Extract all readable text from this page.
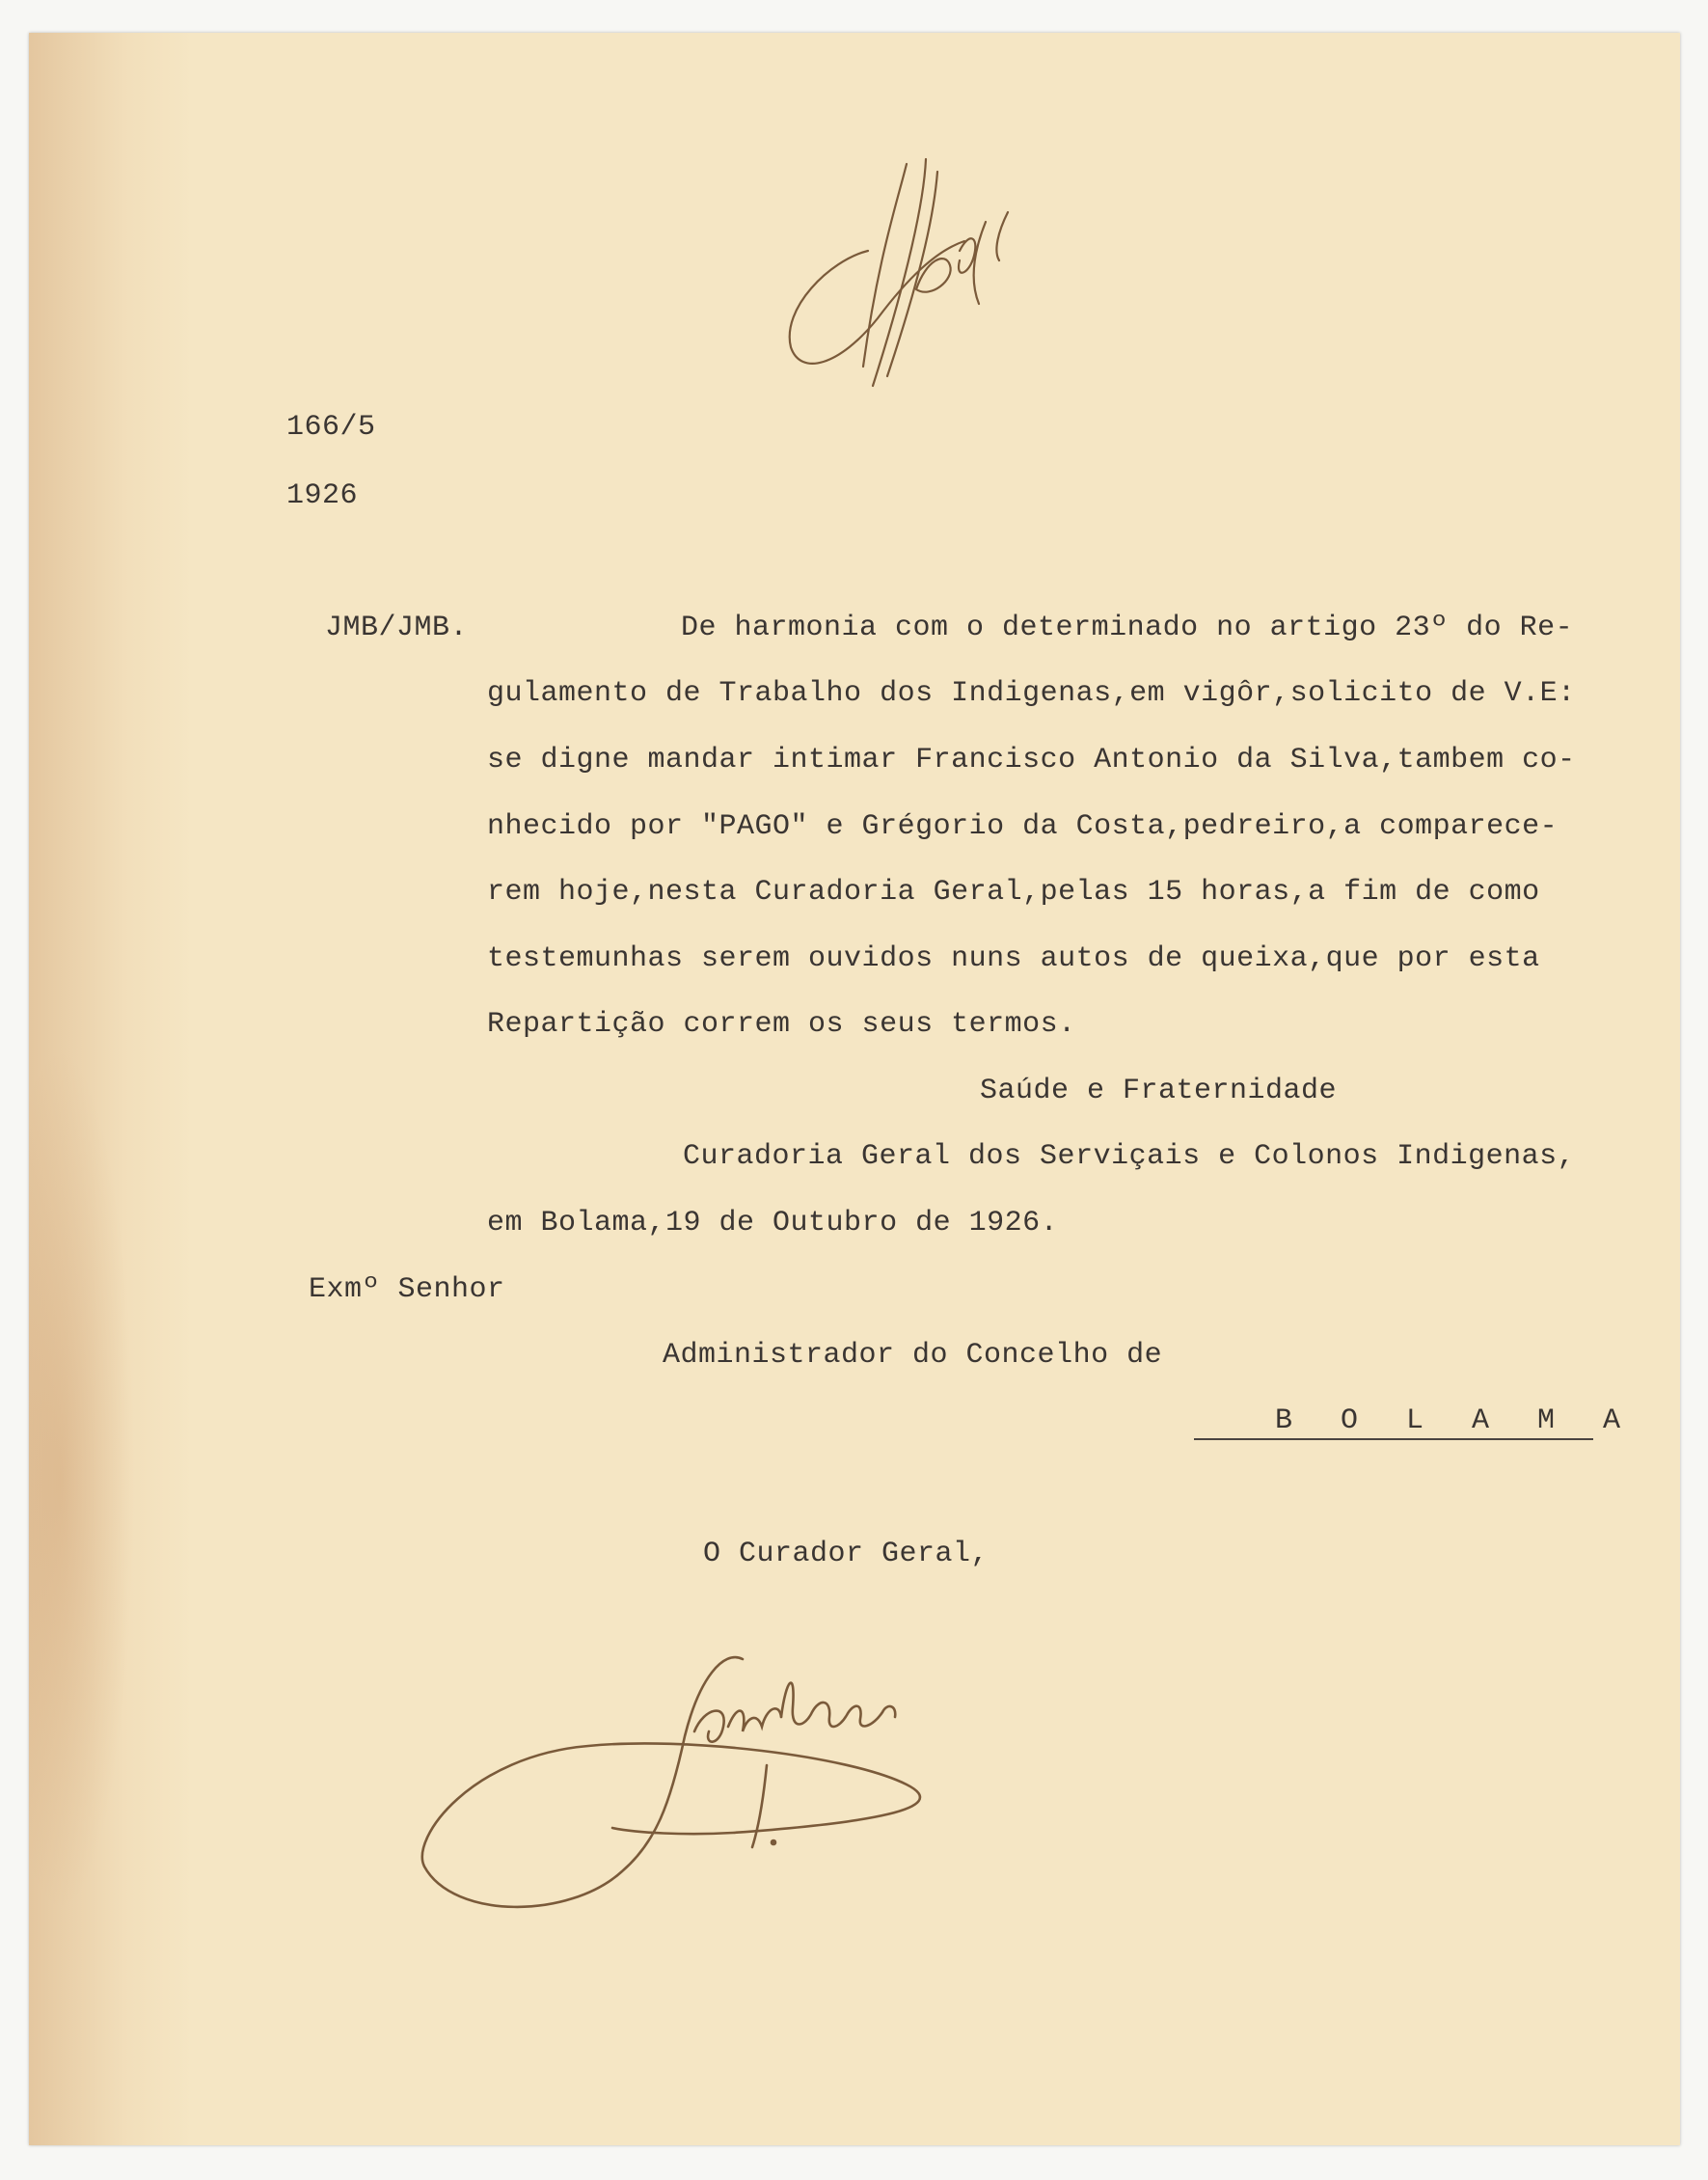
166/5
1926
JMB/JMB.	De harmonia com o determinado no artigo 23º do Re-
gulamento de Trabalho dos Indigenas,em vigôr,solicito de V.E:
se digne mandar intimar Francisco Antonio da Silva,tambem co-
nhecido por "PAGO" e Grégorio da Costa,pedreiro,a comparece-
rem hoje,nesta Curadoria Geral,pelas 15 horas,a fim de como
testemunhas serem ouvidos nuns autos de queixa,que por esta
Repartição correm os seus termos.
Saúde e Fraternidade
Curadoria Geral dos Serviçais e Colonos Indigenas,
em Bolama,19 de Outubro de 1926.
Exmº Senhor
Administrador do Concelho de
B O L A M A
O Curador Geral,
